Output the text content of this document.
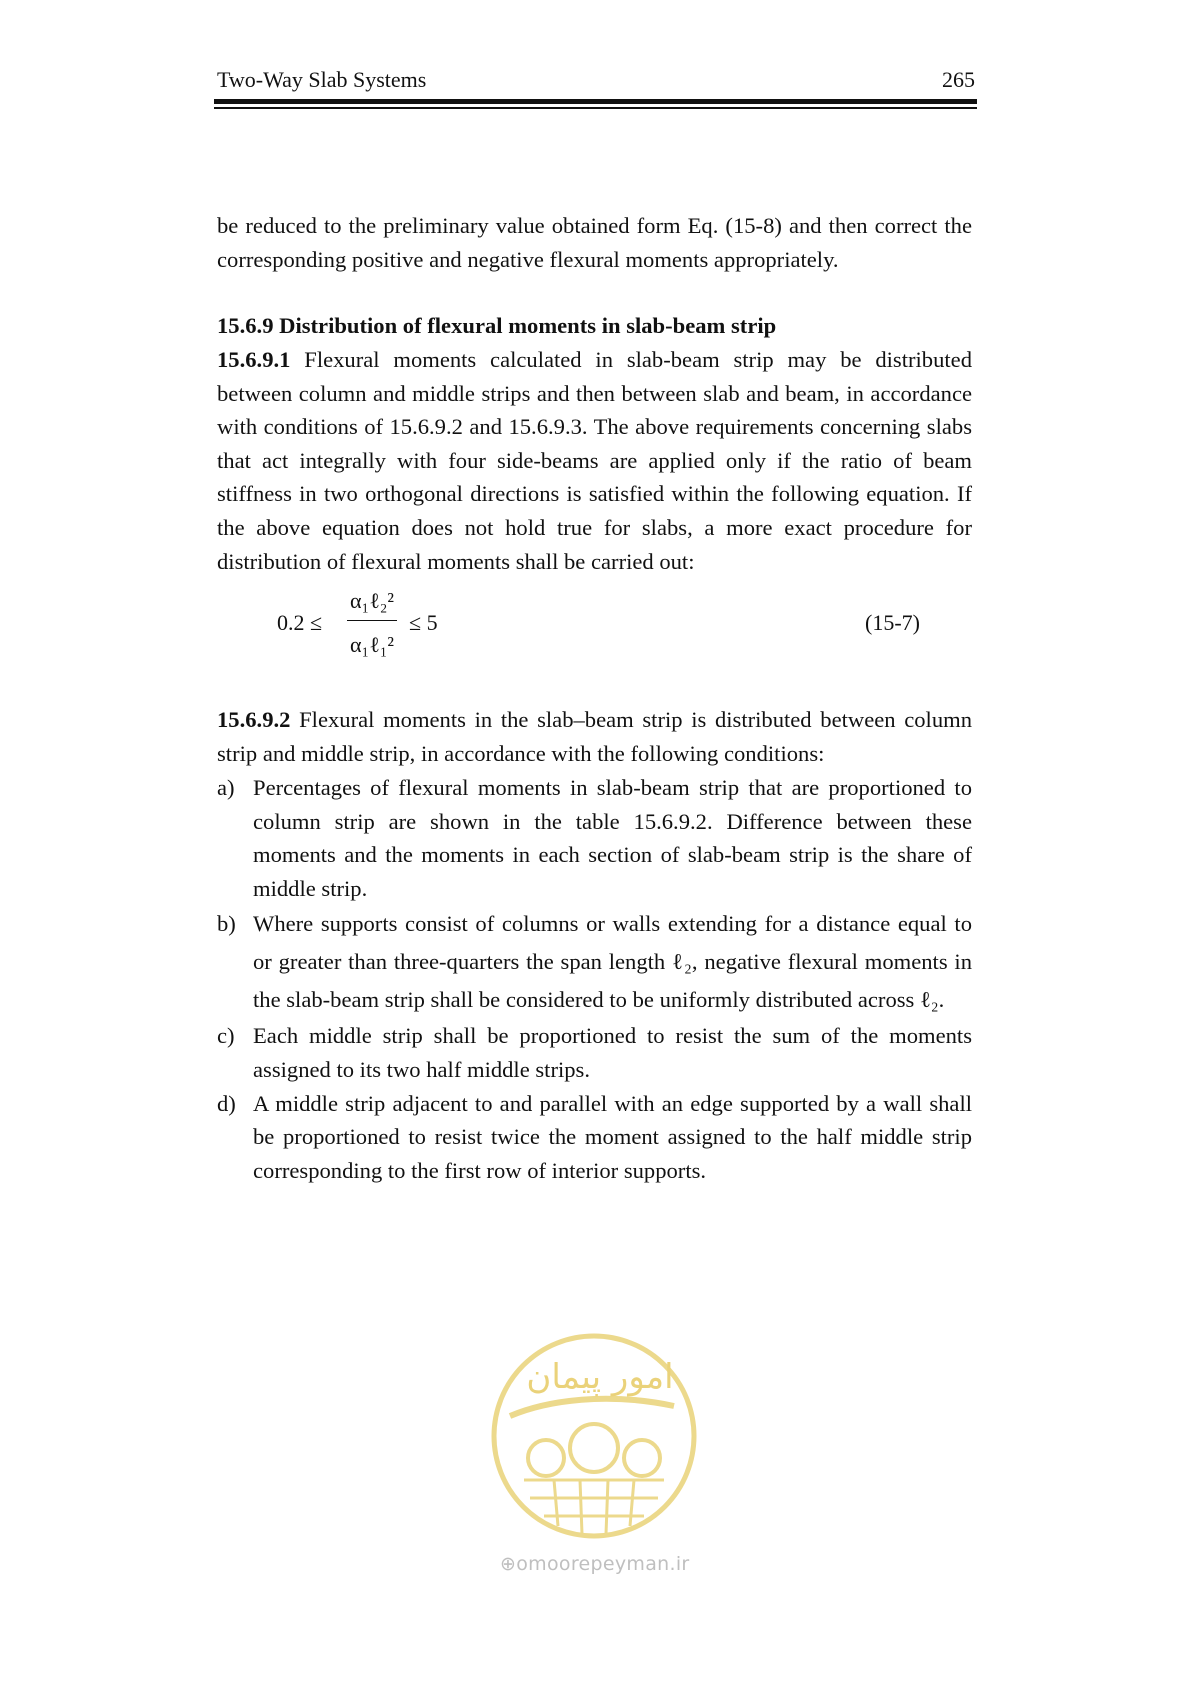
Two-Way Slab Systems	265

be reduced to the preliminary value obtained form Eq. (15-8) and then correct the corresponding positive and negative flexural moments appropriately.

15.6.9 Distribution of flexural moments in slab-beam strip

15.6.9.1 Flexural moments calculated in slab-beam strip may be distributed between column and middle strips and then between slab and beam, in accordance with conditions of 15.6.9.2 and 15.6.9.3. The above requirements concerning slabs that act integrally with four side-beams are applied only if the ratio of beam stiffness in two orthogonal directions is satisfied within the following equation. If the above equation does not hold true for slabs, a more exact procedure for distribution of flexural moments shall be carried out:

0.2 ≤
α₁ℓ₂²
α₁ℓ₁²
≤ 5	(15-7)

15.6.9.2 Flexural moments in the slab–beam strip is distributed between column strip and middle strip, in accordance with the following conditions:

a) Percentages of flexural moments in slab-beam strip that are proportioned to column strip are shown in the table 15.6.9.2. Difference between these moments and the moments in each section of slab-beam strip is the share of middle strip.
b) Where supports consist of columns or walls extending for a distance equal to or greater than three-quarters the span length ℓ₂, negative flexural moments in the slab-beam strip shall be considered to be uniformly distributed across ℓ₂.
c) Each middle strip shall be proportioned to resist the sum of the moments assigned to its two half middle strips.
d) A middle strip adjacent to and parallel with an edge supported by a wall shall be proportioned to resist twice the moment assigned to the half middle strip corresponding to the first row of interior supports.
امور پیمان
⊕omoorepeyman.ir
